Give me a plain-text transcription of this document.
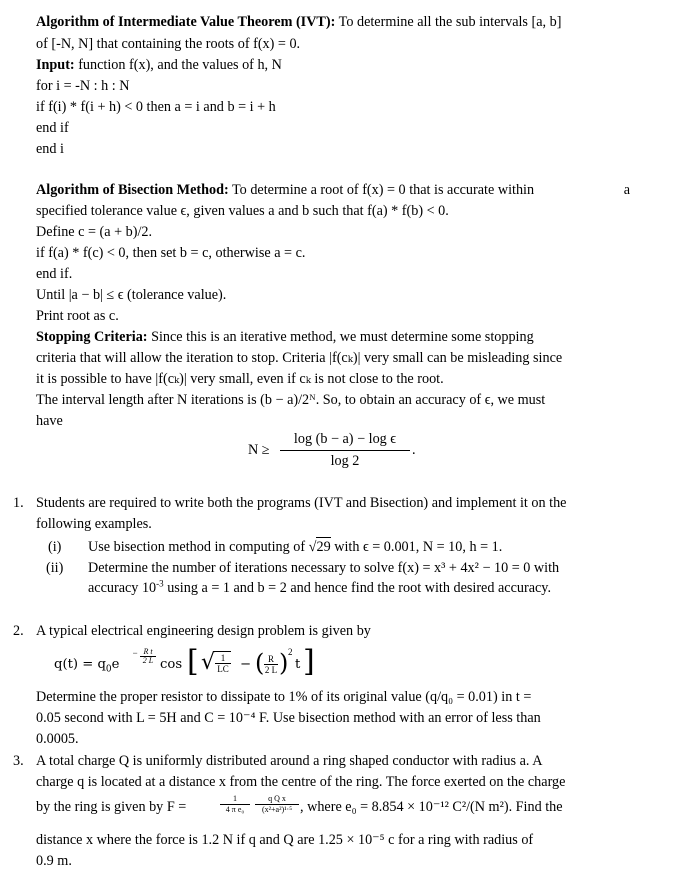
Algorithm of Intermediate Value Theorem (IVT): To determine all the sub intervals [a, b]
of [-N, N] that containing the roots of f(x) = 0.
Input: function f(x), and the values of h, N
for i = -N : h : N
if f(i) * f(i + h) < 0 then a = i and b = i + h
end if
end i
Algorithm of Bisection Method: To determine a root of f(x) = 0 that is accurate within	a
specified tolerance value ϵ, given values a and b such that f(a) * f(b) < 0.
Define c = (a + b)/2.
if f(a) * f(c) < 0, then set b = c, otherwise a = c.
end if.
Until |a − b| ≤ ϵ (tolerance value).
Print root as c.
Stopping Criteria: Since this is an iterative method, we must determine some stopping
criteria that will allow the iteration to stop. Criteria |f(cₖ)| very small can be misleading since
it is possible to have |f(cₖ)| very small, even if cₖ is not close to the root.
The interval length after N iterations is (b − a)/2ᴺ. So, to obtain an accuracy of ϵ, we must
have
$N \ge \frac{\text{log (b − a) − log ϵ}}{\log 2}$ .
1. Students are required to write both the programs (IVT and Bisection) and implement it on the
following examples.
(i) Use bisection method in computing of √29 with ϵ = 0.001, N = 10, h = 1.
(ii) Determine the number of iterations necessary to solve f(x) = x³ + 4x² − 10 = 0 with
accuracy $10^{-3}$ using a = 1 and b = 2 and hence find the root with desired accuracy.
2. A typical electrical engineering design problem is given by
$q(t) = q_0e$
− $\frac{\text{R t}}{2 L}$ cos [ √ $\frac{1}{LC}$ − ( $\frac{R}{2 L}$ ) 2
t ]
Determine the proper resistor to dissipate to 1% of its original value (q/q₀ = 0.01) in t =
0.05 second with L = 5H and C = 10⁻⁴ F. Use bisection method with an error of less than
0.0005.
3. A total charge Q is uniformly distributed around a ring shaped conductor with radius a. A
charge q is located at a distance x from the centre of the ring. The force exerted on the charge
by the ring is given by F =	$\frac{1}{\text{4 π e₀}} \frac{\text{q Q x}}{\text{(x²+a²)¹·⁵}}$ , where e₀ = 8.854 × 10⁻¹² C²/(N m²). Find the
distance x where the force is 1.2 N if q and Q are 1.25 × 10⁻⁵ c for a ring with radius of
0.9 m.
